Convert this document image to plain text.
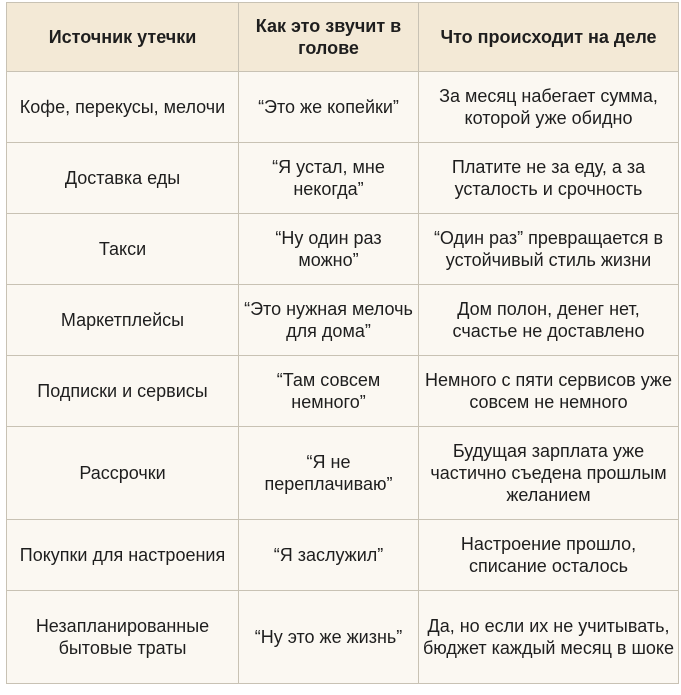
Источник утечки	Как это звучит в голове	Что происходит на деле
Кофе, перекусы, мелочи	“Это же копейки”	За месяц набегает сумма, которой уже обидно
Доставка еды	“Я устал, мне некогда”	Платите не за еду, а за усталость и срочность
Такси	“Ну один раз можно”	“Один раз” превращается в устойчивый стиль жизни
Маркетплейсы	“Это нужная мелочь для дома”	Дом полон, денег нет, счастье не доставлено
Подписки и сервисы	“Там совсем немного”	Немного с пяти сервисов уже совсем не немного
Рассрочки	“Я не переплачиваю”	Будущая зарплата уже частично съедена прошлым желанием
Покупки для настроения	“Я заслужил”	Настроение прошло, списание осталось
Незапланированные бытовые траты	“Ну это же жизнь”	Да, но если их не учитывать, бюджет каждый месяц в шоке
